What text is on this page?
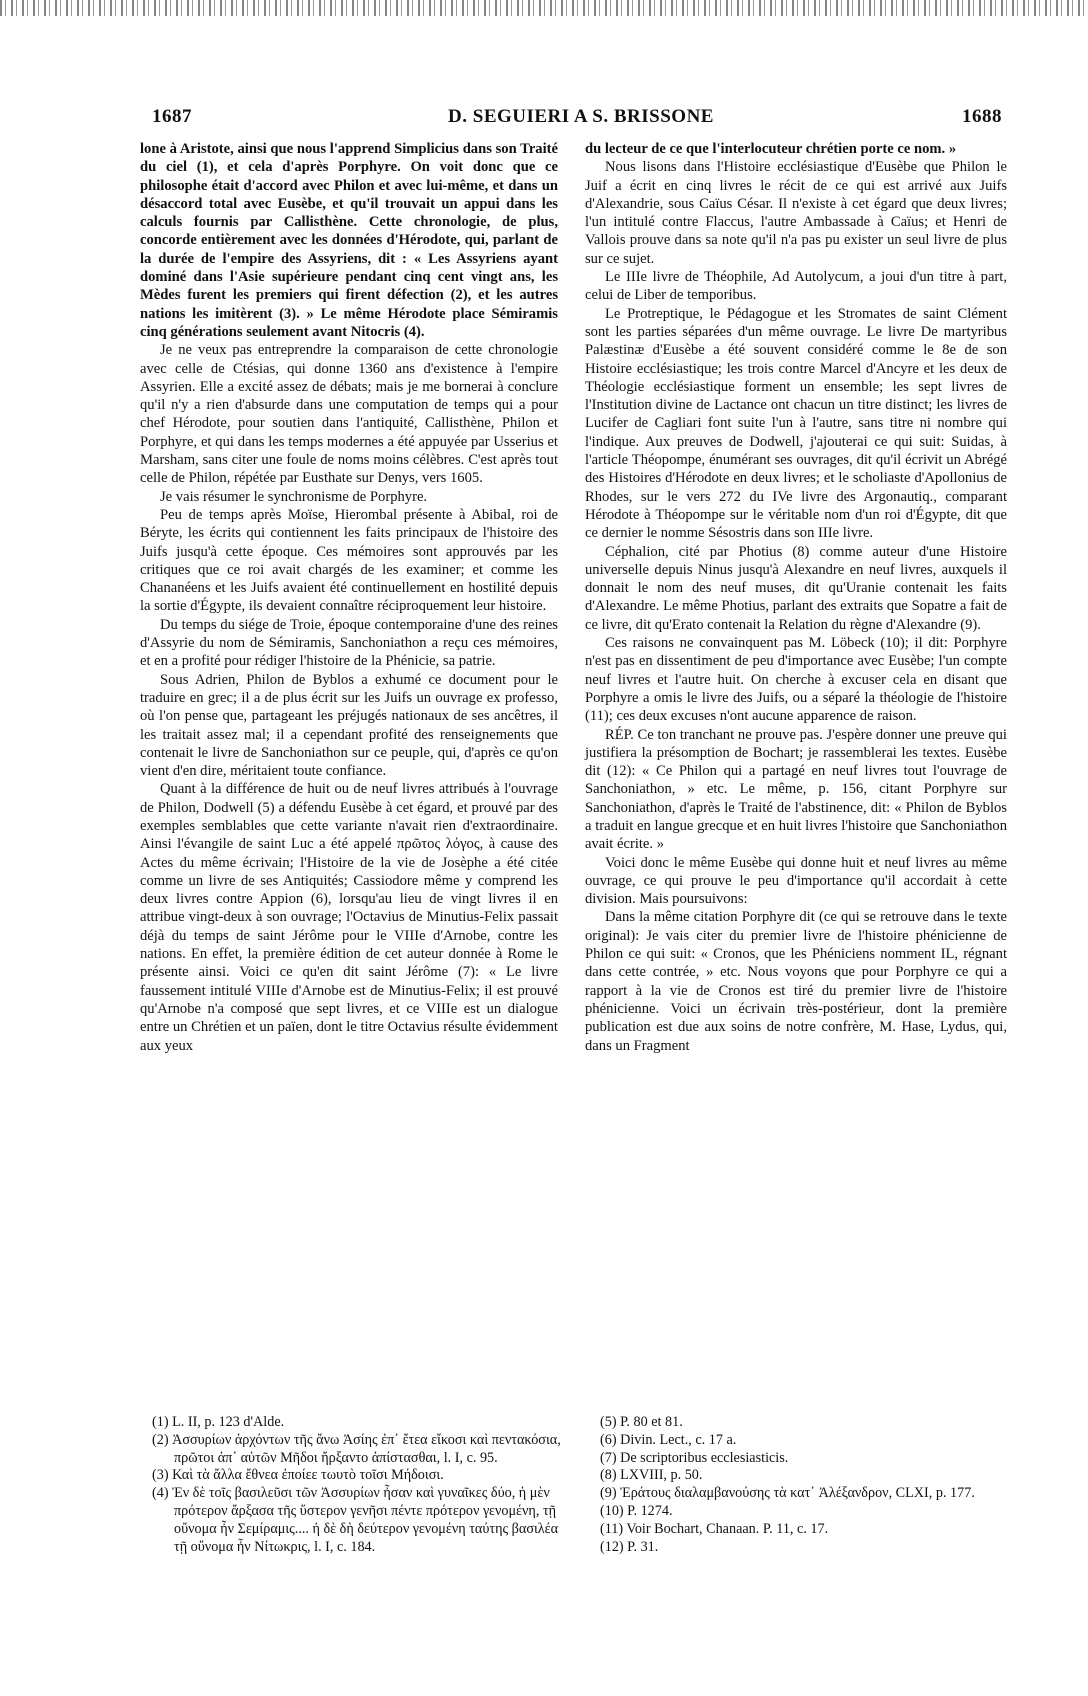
1687	D. SEGUIERI A S. BRISSONE	1688

lone à Aristote, ainsi que nous l'apprend Simplicius dans son Traité du ciel (1), et cela d'après Porphyre. On voit donc que ce philosophe était d'accord avec Philon et avec lui-même, et dans un désaccord total avec Eusèbe, et qu'il trouvait un appui dans les calculs fournis par Callisthène. Cette chronologie, de plus, concorde entièrement avec les données d'Hérodote, qui, parlant de la durée de l'empire des Assyriens, dit : « Les Assyriens ayant dominé dans l'Asie supérieure pendant cinq cent vingt ans, les Mèdes furent les premiers qui firent défection (2), et les autres nations les imitèrent (3). » Le même Hérodote place Sémiramis cinq générations seulement avant Nitocris (4).

Je ne veux pas entreprendre la comparaison de cette chronologie avec celle de Ctésias, qui donne 1360 ans d'existence à l'empire Assyrien. Elle a excité assez de débats; mais je me bornerai à conclure qu'il n'y a rien d'absurde dans une computation de temps qui a pour chef Hérodote, pour soutien dans l'antiquité, Callisthène, Philon et Porphyre, et qui dans les temps modernes a été appuyée par Usserius et Marsham, sans citer une foule de noms moins célèbres. C'est après tout celle de Philon, répétée par Eusthate sur Denys, vers 1605.

Je vais résumer le synchronisme de Porphyre.

Peu de temps après Moïse, Hierombal présente à Abibal, roi de Béryte, les écrits qui contiennent les faits principaux de l'histoire des Juifs jusqu'à cette époque. Ces mémoires sont approuvés par les critiques que ce roi avait chargés de les examiner; et comme les Chananéens et les Juifs avaient été continuellement en hostilité depuis la sortie d'Égypte, ils devaient connaître réciproquement leur histoire.

Du temps du siége de Troie, époque contemporaine d'une des reines d'Assyrie du nom de Sémiramis, Sanchoniathon a reçu ces mémoires, et en a profité pour rédiger l'histoire de la Phénicie, sa patrie.

Sous Adrien, Philon de Byblos a exhumé ce document pour le traduire en grec; il a de plus écrit sur les Juifs un ouvrage ex professo, où l'on pense que, partageant les préjugés nationaux de ses ancêtres, il les traitait assez mal; il a cependant profité des renseignements que contenait le livre de Sanchoniathon sur ce peuple, qui, d'après ce qu'on vient d'en dire, méritaient toute confiance.

Quant à la différence de huit ou de neuf livres attribués à l'ouvrage de Philon, Dodwell (5) a défendu Eusèbe à cet égard, et prouvé par des exemples semblables que cette variante n'avait rien d'extraordinaire. Ainsi l'évangile de saint Luc a été appelé πρῶτος λόγος, à cause des Actes du même écrivain; l'Histoire de la vie de Josèphe a été citée comme un livre de ses Antiquités; Cassiodore même y comprend les deux livres contre Appion (6), lorsqu'au lieu de vingt livres il en attribue vingt-deux à son ouvrage; l'Octavius de Minutius-Felix passait déjà du temps de saint Jérôme pour le VIIIe d'Arnobe, contre les nations. En effet, la première édition de cet auteur donnée à Rome le présente ainsi. Voici ce qu'en dit saint Jérôme (7): « Le livre faussement intitulé VIIIe d'Arnobe est de Minutius-Felix; il est prouvé qu'Arnobe n'a composé que sept livres, et ce VIIIe est un dialogue entre un Chrétien et un païen, dont le titre Octavius résulte évidemment aux yeux

du lecteur de ce que l'interlocuteur chrétien porte ce nom. »

Nous lisons dans l'Histoire ecclésiastique d'Eusèbe que Philon le Juif a écrit en cinq livres le récit de ce qui est arrivé aux Juifs d'Alexandrie, sous Caïus César. Il n'existe à cet égard que deux livres; l'un intitulé contre Flaccus, l'autre Ambassade à Caïus; et Henri de Vallois prouve dans sa note qu'il n'a pas pu exister un seul livre de plus sur ce sujet.

Le IIIe livre de Théophile, Ad Autolycum, a joui d'un titre à part, celui de Liber de temporibus.

Le Protreptique, le Pédagogue et les Stromates de saint Clément sont les parties séparées d'un même ouvrage. Le livre De martyribus Palæstinæ d'Eusèbe a été souvent considéré comme le 8e de son Histoire ecclésiastique; les trois contre Marcel d'Ancyre et les deux de Théologie ecclésiastique forment un ensemble; les sept livres de l'Institution divine de Lactance ont chacun un titre distinct; les livres de Lucifer de Cagliari font suite l'un à l'autre, sans titre ni nombre qui l'indique. Aux preuves de Dodwell, j'ajouterai ce qui suit: Suidas, à l'article Théopompe, énumérant ses ouvrages, dit qu'il écrivit un Abrégé des Histoires d'Hérodote en deux livres; et le scholiaste d'Apollonius de Rhodes, sur le vers 272 du IVe livre des Argonautiq., comparant Hérodote à Théopompe sur le véritable nom d'un roi d'Égypte, dit que ce dernier le nomme Sésostris dans son IIIe livre.

Céphalion, cité par Photius (8) comme auteur d'une Histoire universelle depuis Ninus jusqu'à Alexandre en neuf livres, auxquels il donnait le nom des neuf muses, dit qu'Uranie contenait les faits d'Alexandre. Le même Photius, parlant des extraits que Sopatre a fait de ce livre, dit qu'Erato contenait la Relation du règne d'Alexandre (9).

Ces raisons ne convainquent pas M. Löbeck (10); il dit: Porphyre n'est pas en dissentiment de peu d'importance avec Eusèbe; l'un compte neuf livres et l'autre huit. On cherche à excuser cela en disant que Porphyre a omis le livre des Juifs, ou a séparé la théologie de l'histoire (11); ces deux excuses n'ont aucune apparence de raison.

RÉP. Ce ton tranchant ne prouve pas. J'espère donner une preuve qui justifiera la présomption de Bochart; je rassemblerai les textes. Eusèbe dit (12): « Ce Philon qui a partagé en neuf livres tout l'ouvrage de Sanchoniathon, » etc. Le même, p. 156, citant Porphyre sur Sanchoniathon, d'après le Traité de l'abstinence, dit: « Philon de Byblos a traduit en langue grecque et en huit livres l'histoire que Sanchoniathon avait écrite. »

Voici donc le même Eusèbe qui donne huit et neuf livres au même ouvrage, ce qui prouve le peu d'importance qu'il accordait à cette division. Mais poursuivons:

Dans la même citation Porphyre dit (ce qui se retrouve dans le texte original): Je vais citer du premier livre de l'histoire phénicienne de Philon ce qui suit: « Cronos, que les Phéniciens nomment IL, régnant dans cette contrée, » etc. Nous voyons que pour Porphyre ce qui a rapport à la vie de Cronos est tiré du premier livre de l'histoire phénicienne. Voici un écrivain très-postérieur, dont la première publication est due aux soins de notre confrère, M. Hase, Lydus, qui, dans un Fragment

(1) L. II, p. 123 d'Alde.

(2) Ἀσσυρίων ἀρχόντων τῆς ἄνω Ἀσίης ἐπ᾽ ἔτεα εἴκοσι καὶ πεντακόσια, πρῶτοι ἀπ᾽ αὐτῶν Μῆδοι ἤρξαντο ἀπίστασθαι, l. I, c. 95.

(3) Καὶ τὰ ἄλλα ἔθνεα ἐποίεε τωυτὸ τοῖσι Μήδοισι.

(4) Ἐν δὲ τοῖς βασιλεῦσι τῶν Ἀσσυρίων ἦσαν καὶ γυναῖκες δύο, ἡ μὲν πρότερον ἄρξασα τῆς ὕστερον γενῆσι πέντε πρότερον γενομένη, τῇ οὔνομα ἦν Σεμίραμις.... ἡ δὲ δὴ δεύτερον γενομένη ταύτης βασιλέα τῇ οὔνομα ἦν Νίτωκρις, l. I, c. 184.

(5) P. 80 et 81.

(6) Divin. Lect., c. 17 a.

(7) De scriptoribus ecclesiasticis.

(8) LXVIII, p. 50.

(9) Ἐράτους διαλαμβανούσης τὰ κατ᾽ Ἀλέξανδρον, CLXI, p. 177.

(10) P. 1274.

(11) Voir Bochart, Chanaan. P. 11, c. 17.

(12) P. 31.
